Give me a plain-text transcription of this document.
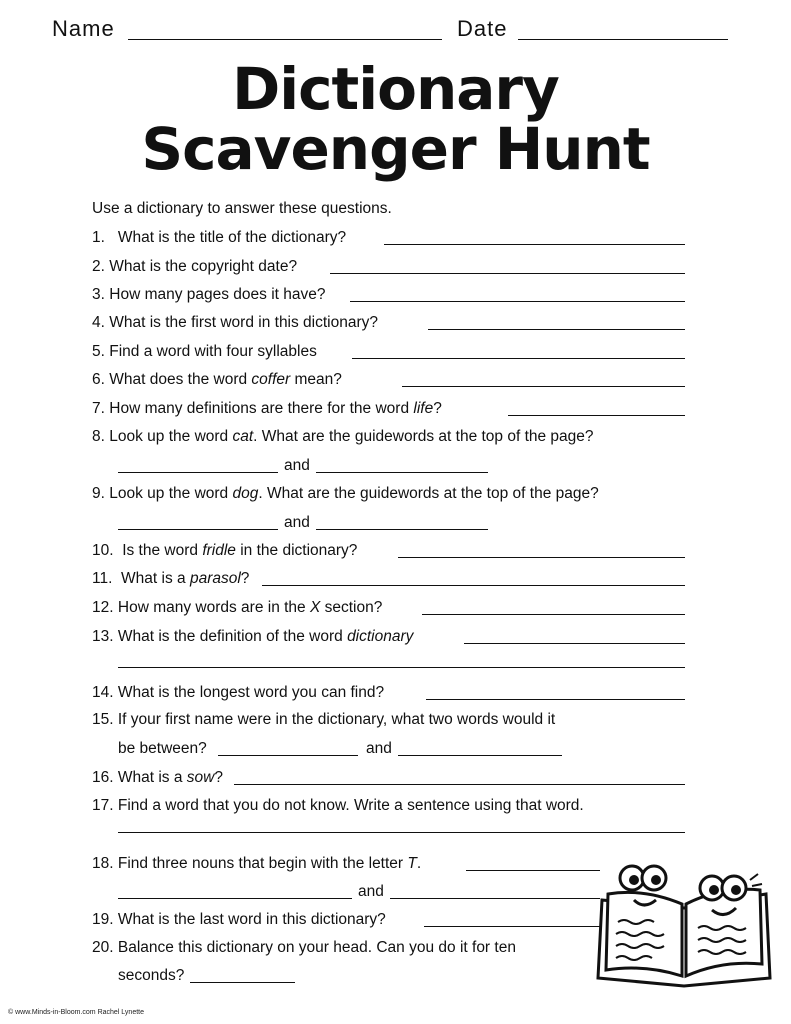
Name	Date
Dictionary
Scavenger Hunt
Use a dictionary to answer these questions.
1. What is the title of the dictionary?
2. What is the copyright date?
3. How many pages does it have?
4. What is the first word in this dictionary?
5. Find a word with four syllables
6. What does the word coffer mean?
7. How many definitions are there for the word life?
8. Look up the word cat. What are the guidewords at the top of the page?
and
9. Look up the word dog. What are the guidewords at the top of the page?
and
10. Is the word fridle in the dictionary?
11. What is a parasol?
12. How many words are in the X section?
13. What is the definition of the word dictionary
14. What is the longest word you can find?
15. If your first name were in the dictionary, what two words would it
be between?	and
16. What is a sow?
17. Find a word that you do not know. Write a sentence using that word.
18. Find three nouns that begin with the letter T.
and
19. What is the last word in this dictionary?
20. Balance this dictionary on your head. Can you do it for ten
seconds?
© www.Minds-in-Bloom.com Rachel Lynette
